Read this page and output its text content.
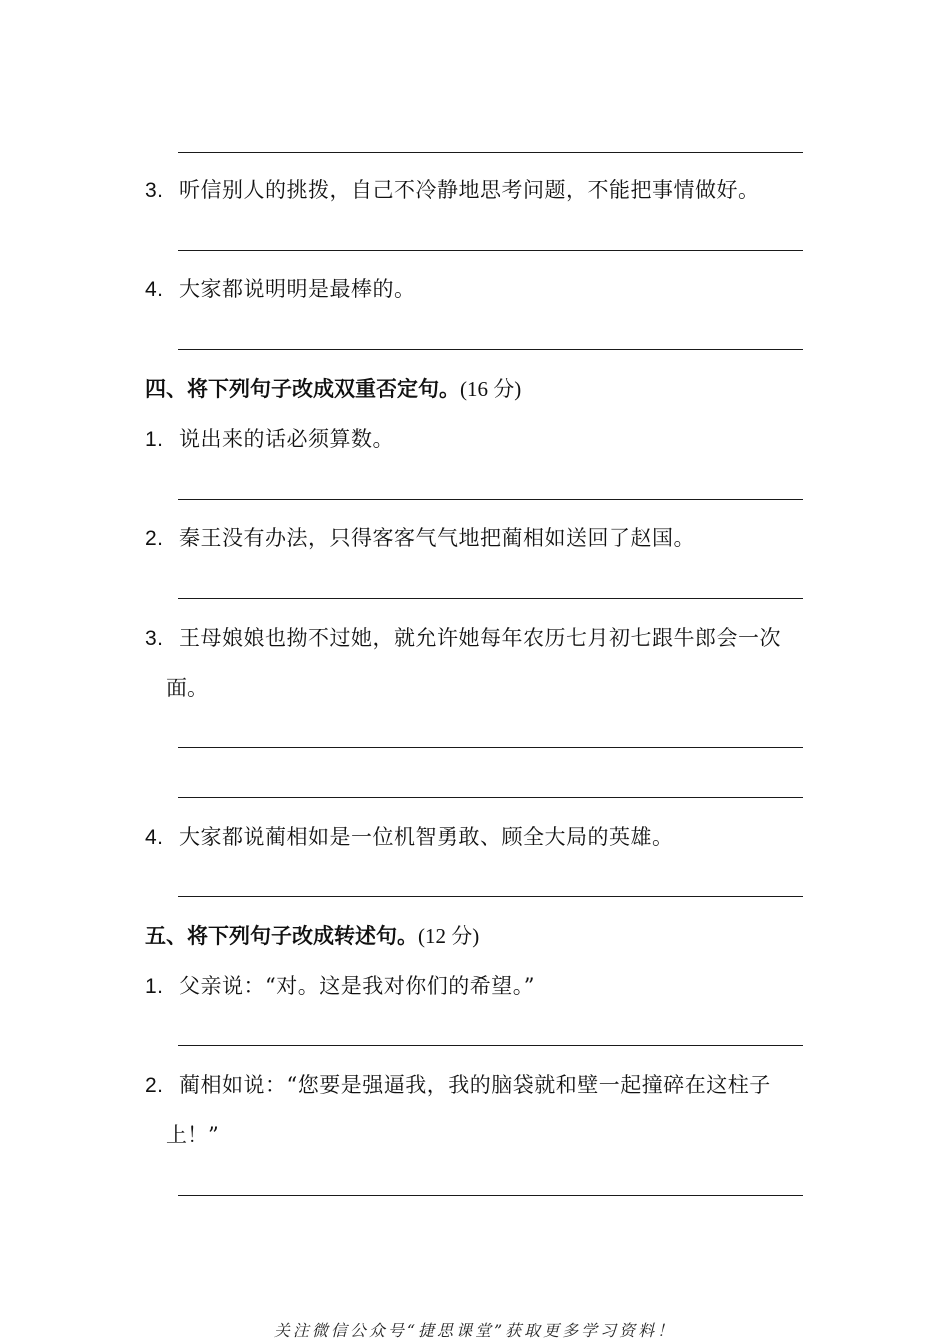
3. 听信别人的挑拨，自己不冷静地思考问题，不能把事情做好。
4. 大家都说明明是最棒的。
四、将下列句子改成双重否定句。(16 分)
1. 说出来的话必须算数。
2. 秦王没有办法，只得客客气气地把蔺相如送回了赵国。
3. 王母娘娘也拗不过她，就允许她每年农历七月初七跟牛郎会一次
面。
4. 大家都说蔺相如是一位机智勇敢、顾全大局的英雄。
五、将下列句子改成转述句。(12 分)
1. 父亲说：“对。这是我对你们的希望。”
2. 蔺相如说：“您要是强逼我，我的脑袋就和壁一起撞碎在这柱子
上！”
关注微信公众号“捷思课堂”获取更多学习资料！
